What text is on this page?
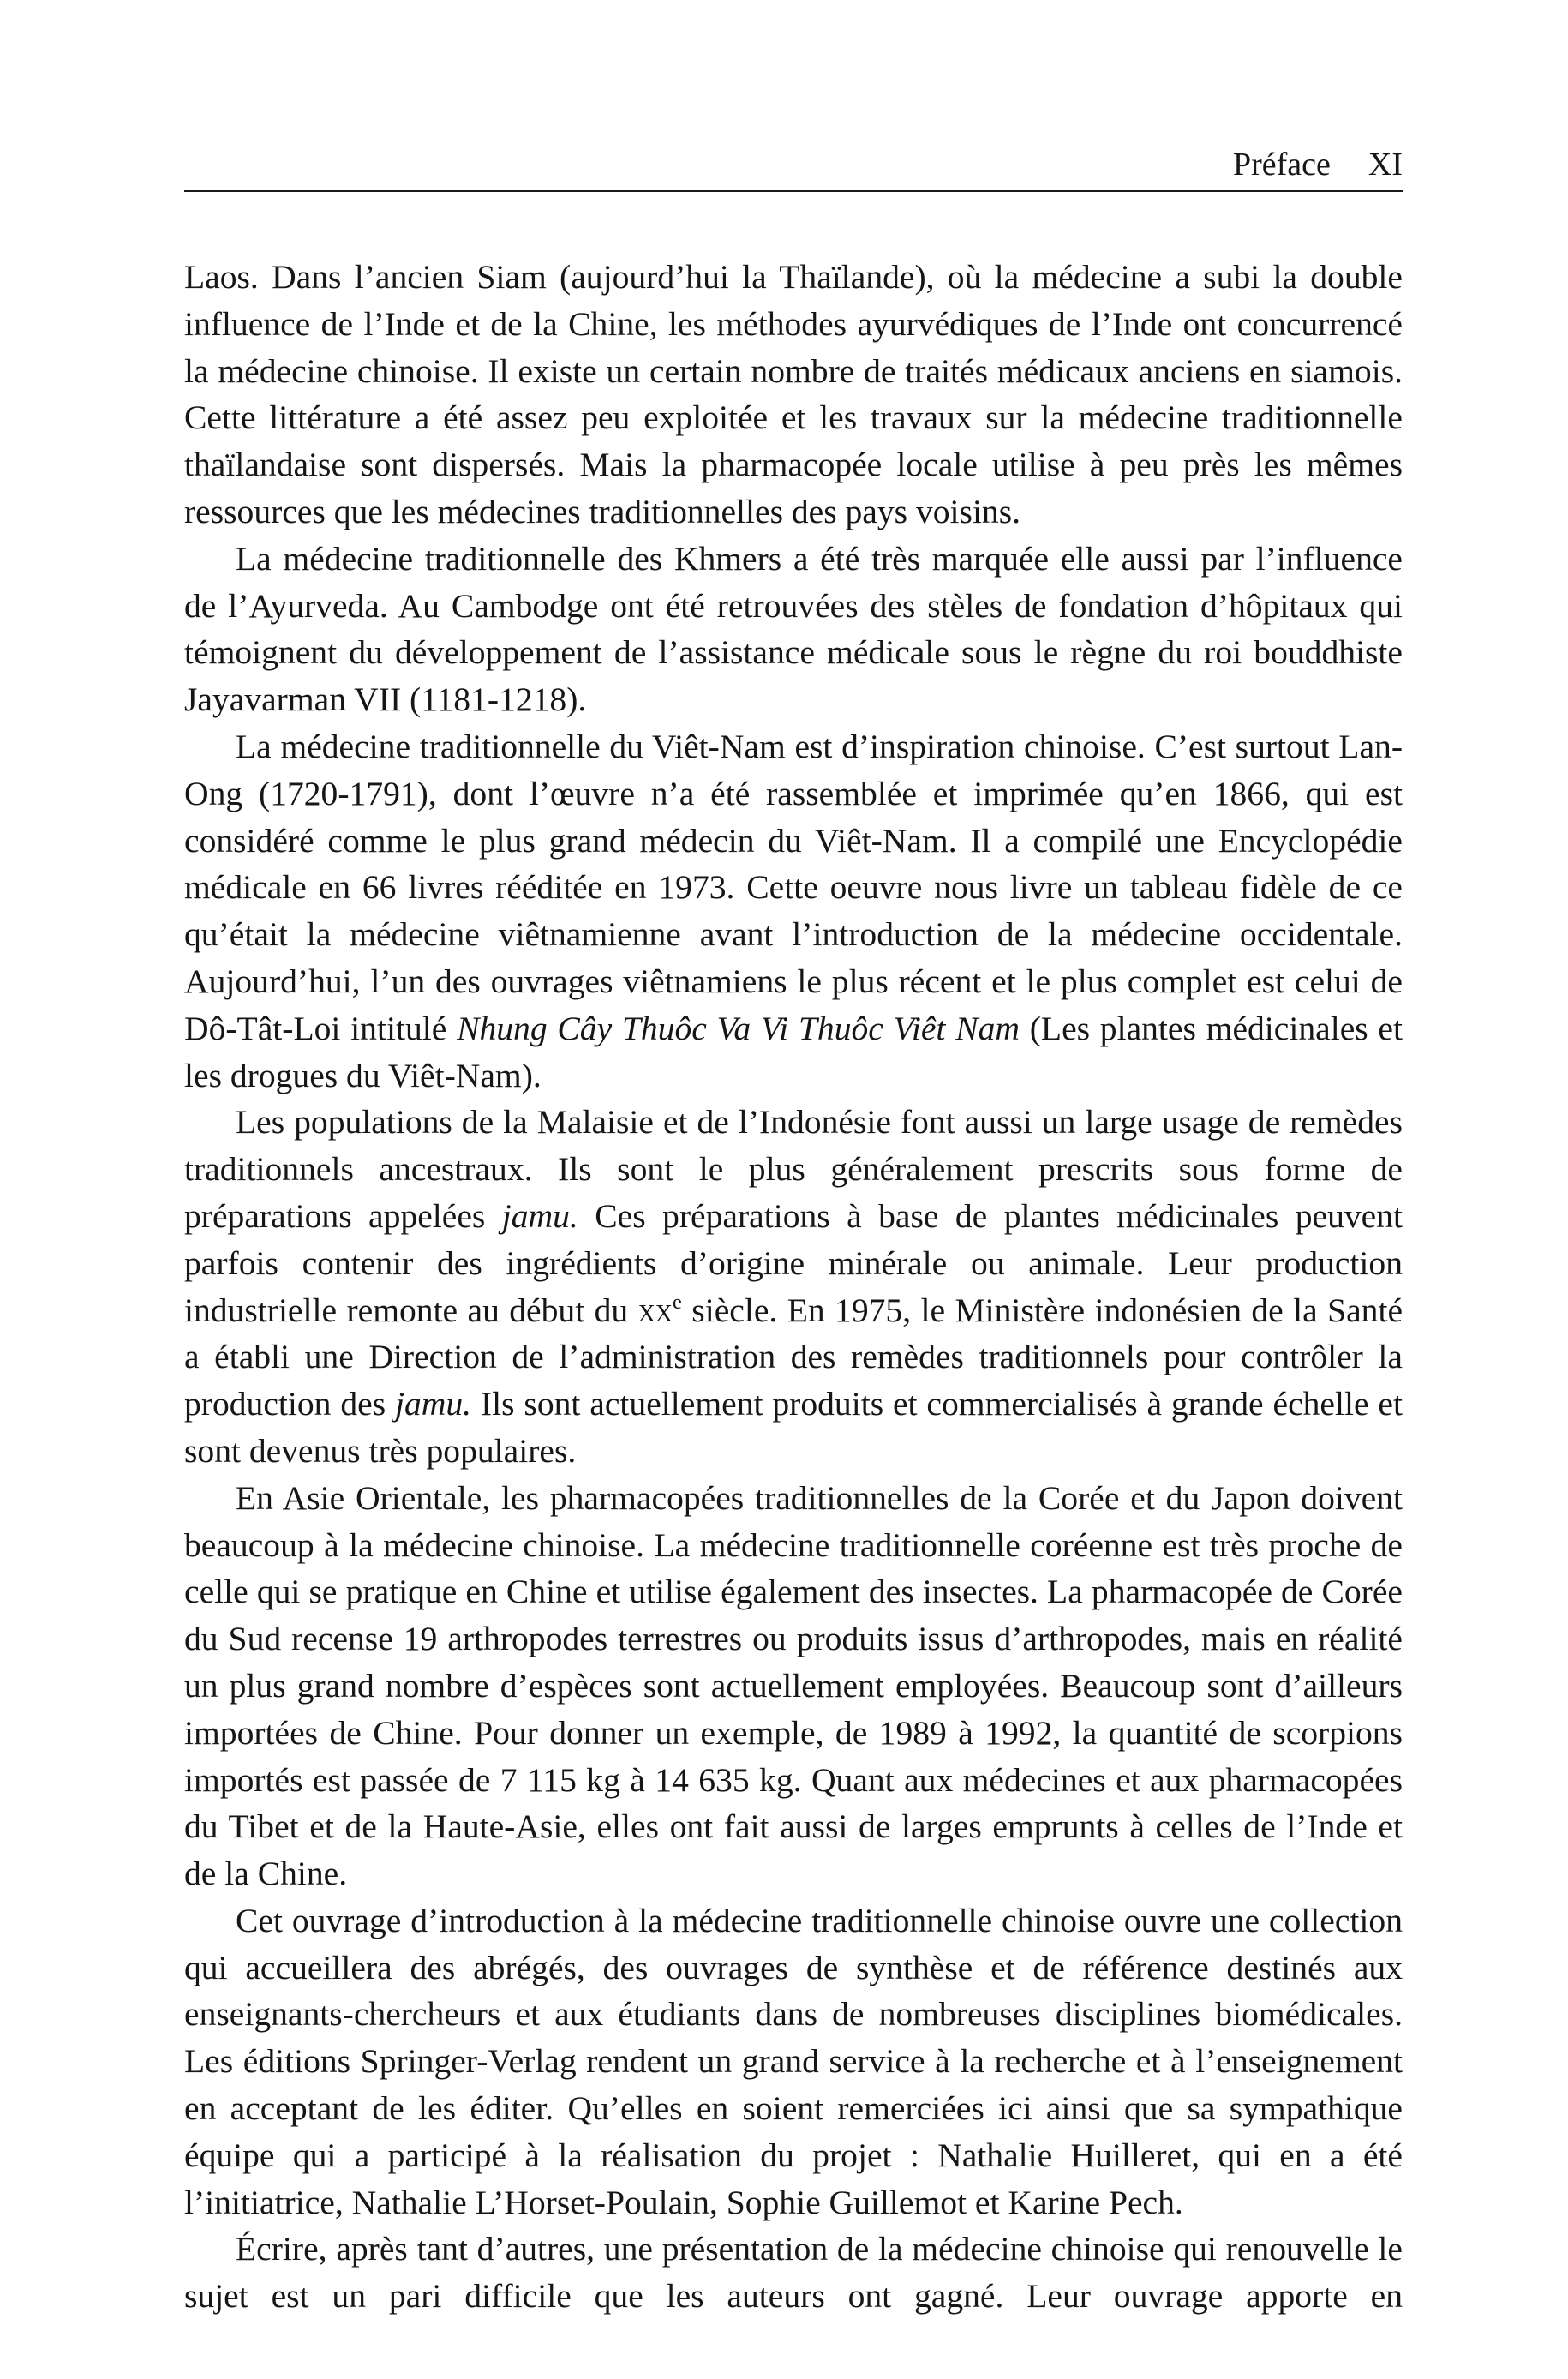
Préface XI

Laos. Dans l’ancien Siam (aujourd’hui la Thaïlande), où la médecine a subi la double influence de l’Inde et de la Chine, les méthodes ayurvédiques de l’Inde ont concurrencé la médecine chinoise. Il existe un certain nombre de traités médicaux anciens en siamois. Cette littérature a été assez peu exploitée et les travaux sur la médecine traditionnelle thaïlandaise sont dispersés. Mais la pharmacopée locale utilise à peu près les mêmes ressources que les médecines traditionnelles des pays voisins.

La médecine traditionnelle des Khmers a été très marquée elle aussi par l’influence de l’Ayurveda. Au Cambodge ont été retrouvées des stèles de fondation d’hôpitaux qui témoignent du développement de l’assistance médicale sous le règne du roi bouddhiste Jayavarman VII (1181-1218).

La médecine traditionnelle du Viêt-Nam est d’inspiration chinoise. C’est surtout Lan-Ong (1720-1791), dont l’œuvre n’a été rassemblée et imprimée qu’en 1866, qui est considéré comme le plus grand médecin du Viêt-Nam. Il a compilé une Encyclopédie médicale en 66 livres rééditée en 1973. Cette oeuvre nous livre un tableau fidèle de ce qu’était la médecine viêtnamienne avant l’introduction de la médecine occidentale. Aujourd’hui, l’un des ouvrages viêtnamiens le plus récent et le plus complet est celui de Dô-Tât-Loi intitulé Nhung Cây Thuôc Va Vi Thuôc Viêt Nam (Les plantes médicinales et les drogues du Viêt-Nam).

Les populations de la Malaisie et de l’Indonésie font aussi un large usage de remèdes traditionnels ancestraux. Ils sont le plus généralement prescrits sous forme de préparations appelées jamu. Ces préparations à base de plantes médicinales peuvent parfois contenir des ingrédients d’origine minérale ou animale. Leur production industrielle remonte au début du $xx^e$ siècle. En 1975, le Ministère indonésien de la Santé a établi une Direction de l’administration des remèdes traditionnels pour contrôler la production des jamu. Ils sont actuellement produits et commercialisés à grande échelle et sont devenus très populaires.

En Asie Orientale, les pharmacopées traditionnelles de la Corée et du Japon doivent beaucoup à la médecine chinoise. La médecine traditionnelle coréenne est très proche de celle qui se pratique en Chine et utilise également des insectes. La pharmacopée de Corée du Sud recense 19 arthropodes terrestres ou produits issus d’arthropodes, mais en réalité un plus grand nombre d’espèces sont actuellement employées. Beaucoup sont d’ailleurs importées de Chine. Pour donner un exemple, de 1989 à 1992, la quantité de scorpions importés est passée de 7 115 kg à 14 635 kg. Quant aux médecines et aux pharmacopées du Tibet et de la Haute-Asie, elles ont fait aussi de larges emprunts à celles de l’Inde et de la Chine.

Cet ouvrage d’introduction à la médecine traditionnelle chinoise ouvre une collection qui accueillera des abrégés, des ouvrages de synthèse et de référence destinés aux enseignants-chercheurs et aux étudiants dans de nombreuses disciplines biomédicales. Les éditions Springer-Verlag rendent un grand service à la recherche et à l’enseignement en acceptant de les éditer. Qu’elles en soient remerciées ici ainsi que sa sympathique équipe qui a participé à la réalisation du projet : Nathalie Huilleret, qui en a été l’initiatrice, Nathalie L’Horset-Poulain, Sophie Guillemot et Karine Pech.

Écrire, après tant d’autres, une présentation de la médecine chinoise qui renouvelle le sujet est un pari difficile que les auteurs ont gagné. Leur ouvrage apporte en
